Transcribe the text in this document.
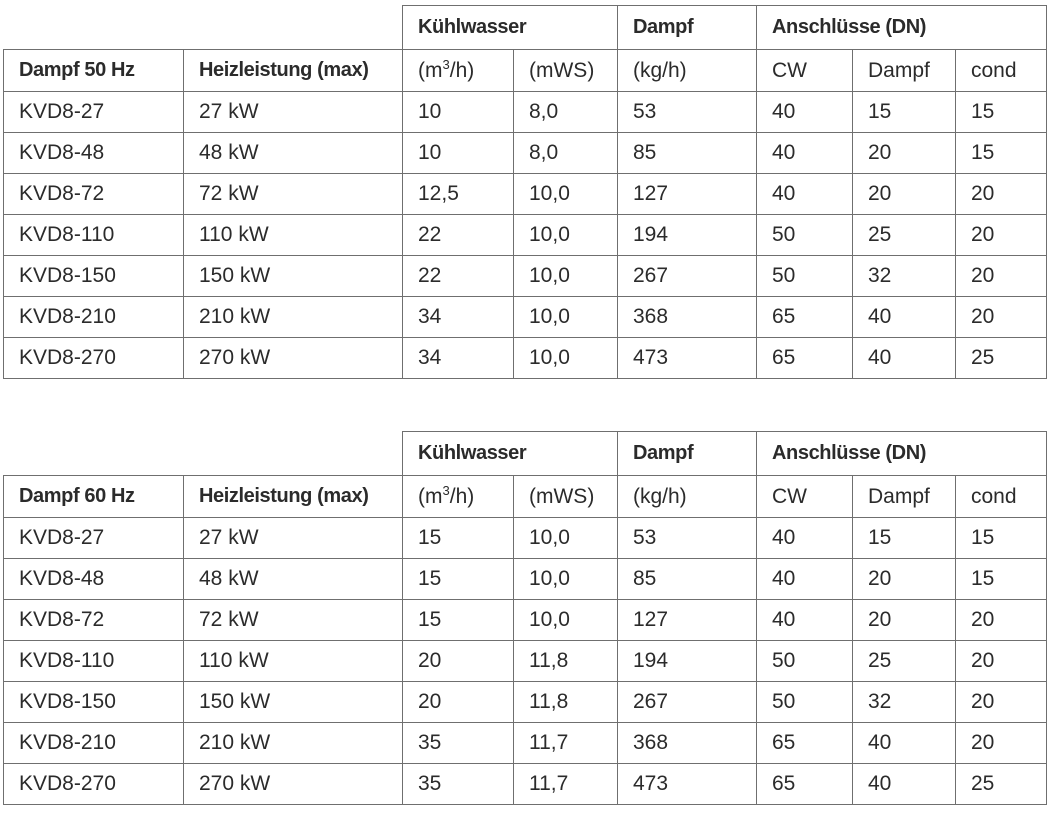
		Kühlwasser		Dampf	Anschlüsse (DN)		
Dampf 50 Hz	Heizleistung (max)	$(m^3/h)$	(mWS)	(kg/h)	CW	Dampf	cond
KVD8-27	27 kW	10	8,0	53	40	15	15
KVD8-48	48 kW	10	8,0	85	40	20	15
KVD8-72	72 kW	12,5	10,0	127	40	20	20
KVD8-110	110 kW	22	10,0	194	50	25	20
KVD8-150	150 kW	22	10,0	267	50	32	20
KVD8-210	210 kW	34	10,0	368	65	40	20
KVD8-270	270 kW	34	10,0	473	65	40	25
		Kühlwasser		Dampf	Anschlüsse (DN)		
Dampf 60 Hz	Heizleistung (max)	$(m^3/h)$	(mWS)	(kg/h)	CW	Dampf	cond
KVD8-27	27 kW	15	10,0	53	40	15	15
KVD8-48	48 kW	15	10,0	85	40	20	15
KVD8-72	72 kW	15	10,0	127	40	20	20
KVD8-110	110 kW	20	11,8	194	50	25	20
KVD8-150	150 kW	20	11,8	267	50	32	20
KVD8-210	210 kW	35	11,7	368	65	40	20
KVD8-270	270 kW	35	11,7	473	65	40	25
